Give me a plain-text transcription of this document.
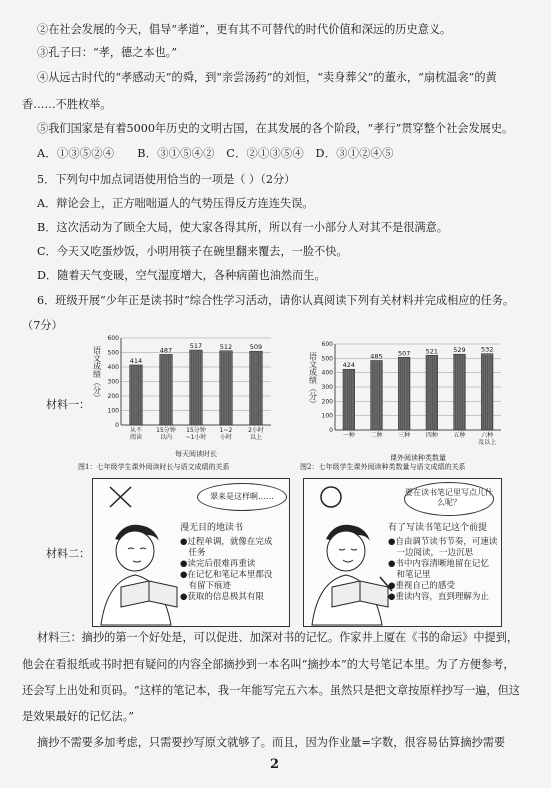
②在社会发展的今天，倡导“孝道”，更有其不可替代的时代价值和深远的历史意义。
③孔子曰：“孝，德之本也。”
④从远古时代的“孝感动天”的舜，到“亲尝汤药”的刘恒，“卖身葬父”的董永，“扇枕温衾”的黄
香……不胜枚举。
⑤我们国家是有着5000年历史的文明古国，在其发展的各个阶段，“孝行”贯穿整个社会发展史。
A．①③⑤②④　　B．③①⑤④②　C．②①③⑤④　D．③①②④⑤
5．下列句中加点词语使用恰当的一项是（ ）（2分）
A．辩论会上，正方咄咄逼人的气势压得反方连连失误。
B．这次活动为了顾全大局，使大家各得其所，所以有一小部分人对其不是很满意。
C．今天又吃蛋炒饭，小明用筷子在碗里翻来覆去，一脸不快。
D．随着天气变暖，空气湿度增大，各种病菌也油然而生。
6．班级开展“少年正是读书时”综合性学习活动，请你认真阅读下列有关材料并完成相应的任务。
（7分）
材料一：
0
100
200
300
400
500
600
语文成绩（分）	414
从不
阅读
487
15分钟
以内
517
15分钟
~1小时
512
1~2
小时
509
2小时
以上
每天阅读时长
0
100
200
300
400
500
600
语文成绩（分）	424
一种
485
二种
507
三种
521
四种
529
五种
532
六种
及以上
课外阅读种类数量
图1：七年级学生课外阅读时长与语文成绩的关系	图2：七年级学生课外阅读种类数量与语文成绩的关系
材料二：
翠来是这样啊……
漫无目的地读书
●过程单调，就像在完成
　任务
●读完后很难再重读
●在记忆和笔记本里都没
　有留下痕迹
●获取的信息极其有限
要在读书笔记里写点儿什么呢？
有了写读书笔记这个前提
●自由调节读书节奏，可速读
　一边阅读，一边沉思
●书中内容清晰地留在记忆
　和笔记里
●重视自己的感受
●重读内容，直到理解为止
材料三：摘抄的第一个好处是，可以促进、加深对书的记忆。作家井上厦在《书的命运》中提到，
他会在看报纸或书时把有疑问的内容全部摘抄到一本名叫“摘抄本”的大号笔记本里。为了方便参考，
还会写上出处和页码。“这样的笔记本，我一年能写完五六本。虽然只是把文章按原样抄写一遍，但这
是效果最好的记忆法。”
摘抄不需要多加考虑，只需要抄写原文就够了。而且，因为作业量=字数，很容易估算摘抄需要
2
